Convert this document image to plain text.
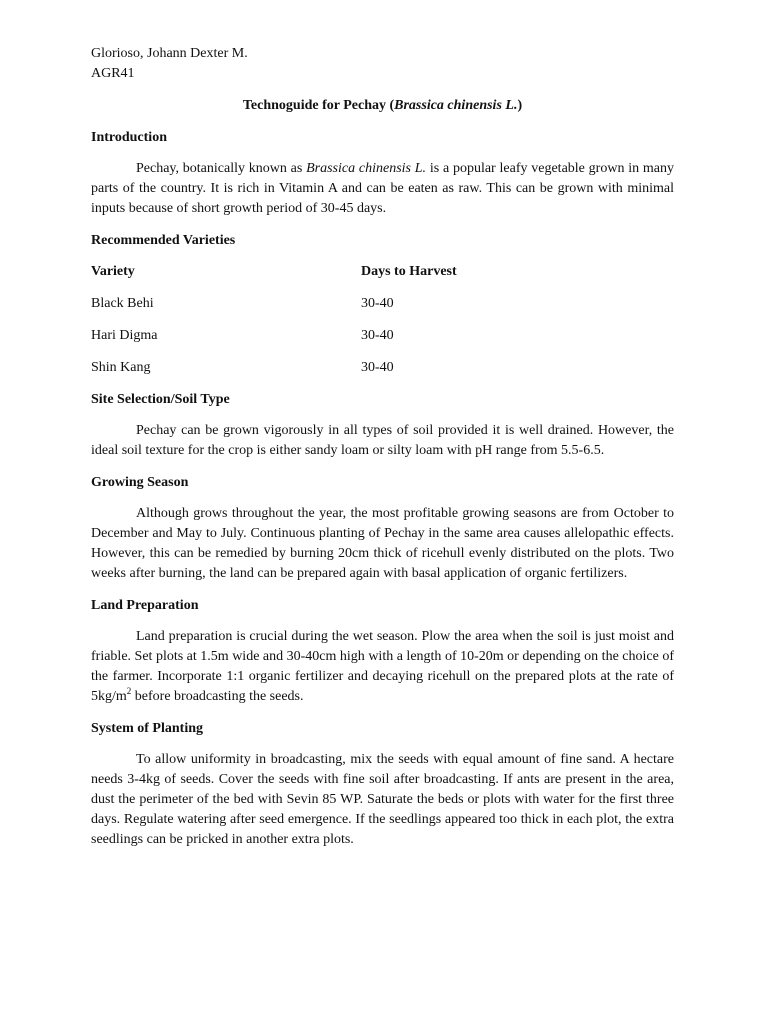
Glorioso, Johann Dexter M.
AGR41
Technoguide for Pechay (Brassica chinensis L.)
Introduction

Pechay, botanically known as Brassica chinensis L. is a popular leafy vegetable grown in many parts of the country. It is rich in Vitamin A and can be eaten as raw. This can be grown with minimal inputs because of short growth period of 30-45 days.

Recommended Varieties
Variety	Days to Harvest
Black Behi	30-40
Hari Digma	30-40
Shin Kang	30-40
Site Selection/Soil Type

Pechay can be grown vigorously in all types of soil provided it is well drained. However, the ideal soil texture for the crop is either sandy loam or silty loam with pH range from 5.5-6.5.

Growing Season

Although grows throughout the year, the most profitable growing seasons are from October to December and May to July. Continuous planting of Pechay in the same area causes allelopathic effects. However, this can be remedied by burning 20cm thick of ricehull evenly distributed on the plots. Two weeks after burning, the land can be prepared again with basal application of organic fertilizers.

Land Preparation

Land preparation is crucial during the wet season. Plow the area when the soil is just moist and friable. Set plots at 1.5m wide and 30-40cm high with a length of 10-20m or depending on the choice of the farmer. Incorporate 1:1 organic fertilizer and decaying ricehull on the prepared plots at the rate of $5kg/m^2$ before broadcasting the seeds.

System of Planting

To allow uniformity in broadcasting, mix the seeds with equal amount of fine sand. A hectare needs 3-4kg of seeds. Cover the seeds with fine soil after broadcasting. If ants are present in the area, dust the perimeter of the bed with Sevin 85 WP. Saturate the beds or plots with water for the first three days. Regulate watering after seed emergence. If the seedlings appeared too thick in each plot, the extra seedlings can be pricked in another extra plots.
